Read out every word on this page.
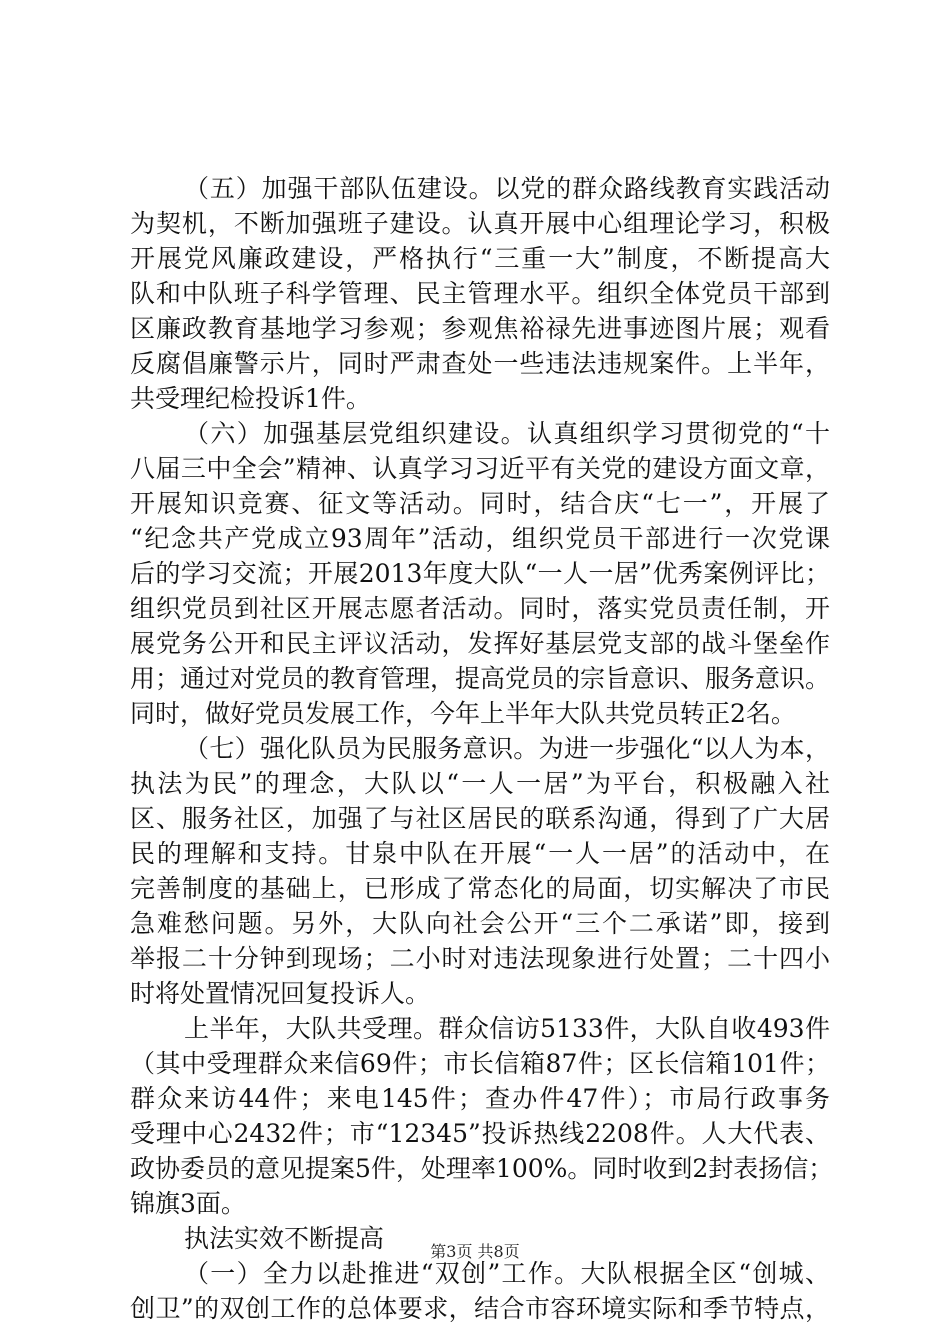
（五）加强干部队伍建设。以党的群众路线教育实践活动
为契机，不断加强班子建设。认真开展中心组理论学习，积极
开展党风廉政建设，严格执行“三重一大”制度，不断提高大
队和中队班子科学管理、民主管理水平。组织全体党员干部到
区廉政教育基地学习参观；参观焦裕禄先进事迹图片展；观看
反腐倡廉警示片，同时严肃查处一些违法违规案件。上半年，
共受理纪检投诉1件。
（六）加强基层党组织建设。认真组织学习贯彻党的“十
八届三中全会”精神、认真学习习近平有关党的建设方面文章，
开展知识竞赛、征文等活动。同时，结合庆“七一”，开展了
“纪念共产党成立93周年”活动，组织党员干部进行一次党课
后的学习交流；开展2013年度大队“一人一居”优秀案例评比；
组织党员到社区开展志愿者活动。同时，落实党员责任制，开
展党务公开和民主评议活动，发挥好基层党支部的战斗堡垒作
用；通过对党员的教育管理，提高党员的宗旨意识、服务意识。
同时，做好党员发展工作，今年上半年大队共党员转正2名。
（七）强化队员为民服务意识。为进一步强化“以人为本，
执法为民”的理念，大队以“一人一居”为平台，积极融入社
区、服务社区，加强了与社区居民的联系沟通，得到了广大居
民的理解和支持。甘泉中队在开展“一人一居”的活动中，在
完善制度的基础上，已形成了常态化的局面，切实解决了市民
急难愁问题。另外，大队向社会公开“三个二承诺”即，接到
举报二十分钟到现场；二小时对违法现象进行处置；二十四小
时将处置情况回复投诉人。
上半年，大队共受理。群众信访5133件，大队自收493件
（其中受理群众来信69件；市长信箱87件；区长信箱101件；
群众来访44件；来电145件；查办件47件）；市局行政事务
受理中心2432件；市“12345”投诉热线2208件。人大代表、
政协委员的意见提案5件，处理率100%。同时收到2封表扬信；
锦旗3面。
执法实效不断提高
（一）全力以赴推进“双创”工作。大队根据全区“创城、
创卫”的双创工作的总体要求，结合市容环境实际和季节特点，
第3页 共8页
